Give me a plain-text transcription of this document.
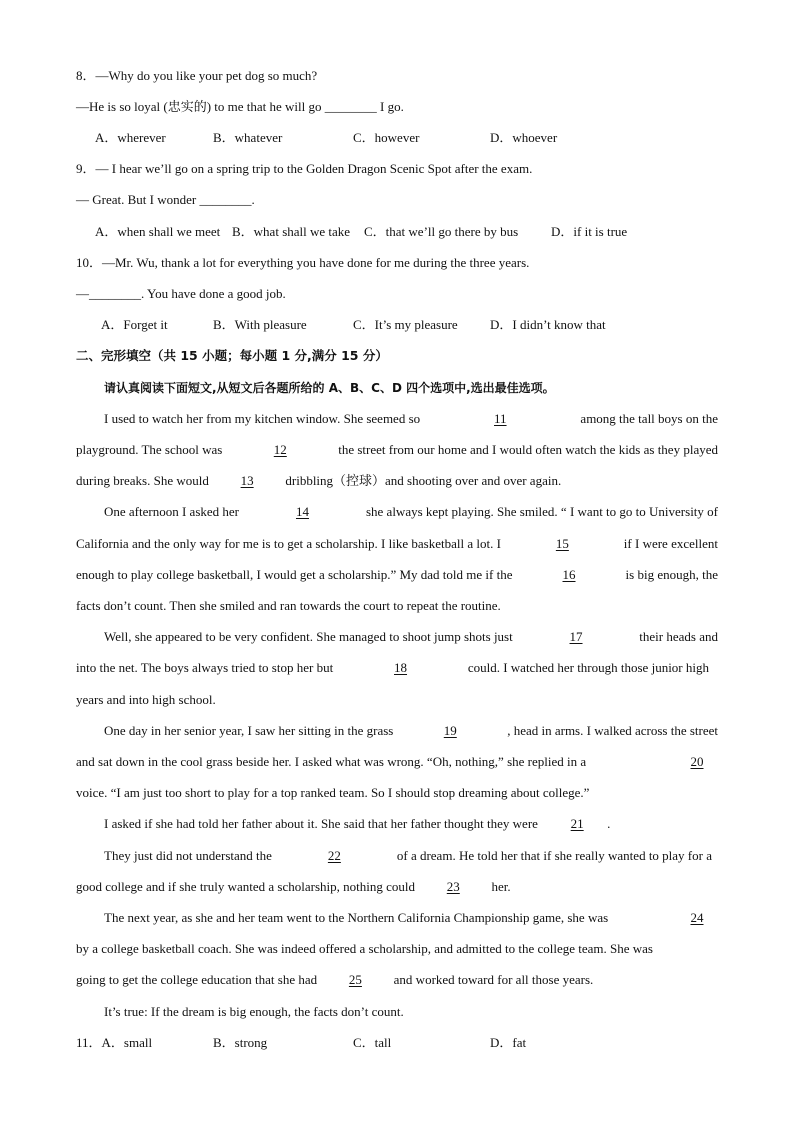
8．—Why do you like your pet dog so much?
—He is so loyal (忠实的) to me that he will go ________ I go.
A．wherever	B．whatever	C．however	D．whoever
9．— I hear we’ll go on a spring trip to the Golden Dragon Scenic Spot after the exam.
— Great. But I wonder ________.
A．when shall we meet B．what shall we take C．that we’ll go there by bus	D．if it is true
10．—Mr. Wu, thank a lot for everything you have done for me during the three years.
—________. You have done a good job.
A．Forget it	B．With pleasure	C．It’s my pleasure D．I didn’t know that
二、完形填空（共 15 小题；每小题 1 分,满分 15 分）
请认真阅读下面短文,从短文后各题所给的 A、B、C、D 四个选项中,选出最佳选项。
I used to watch her from my kitchen window. She seemed so	11	among the tall boys on the
playground. The school was	12	the street from our home and I would often watch the kids as they played
during breaks. She would 13 dribbling（控球）and shooting over and over again.
One afternoon I asked her	14	she always kept playing. She smiled. “ I want to go to University of
California and the only way for me is to get a scholarship. I like basketball a lot. I	15	if I were excellent
enough to play college basketball, I would get a scholarship.” My dad told me if the	16	is big enough, the
facts don’t count. Then she smiled and ran towards the court to repeat the routine.
Well, she appeared to be very confident. She managed to shoot jump shots just	17	their heads and
into the net. The boys always tried to stop her but	18	could. I watched her through those junior high
years and into high school.
One day in her senior year, I saw her sitting in the grass	19	, head in arms. I walked across the street
and sat down in the cool grass beside her. I asked what was wrong. “Oh, nothing,” she replied in a	20
voice. “I am just too short to play for a top ranked team. So I should stop dreaming about college.”
I asked if she had told her father about it. She said that her father thought they were	21 .
They just did not understand the	22	of a dream. He told her that if she really wanted to play for a
good college and if she truly wanted a scholarship, nothing could 23 her.
The next year, as she and her team went to the Northern California Championship game, she was	24
by a college basketball coach. She was indeed offered a scholarship, and admitted to the college team. She was
going to get the college education that she had 25 and worked toward for all those years.
It’s true: If the dream is big enough, the facts don’t count.
11．A．small	B．strong	C．tall	D．fat
